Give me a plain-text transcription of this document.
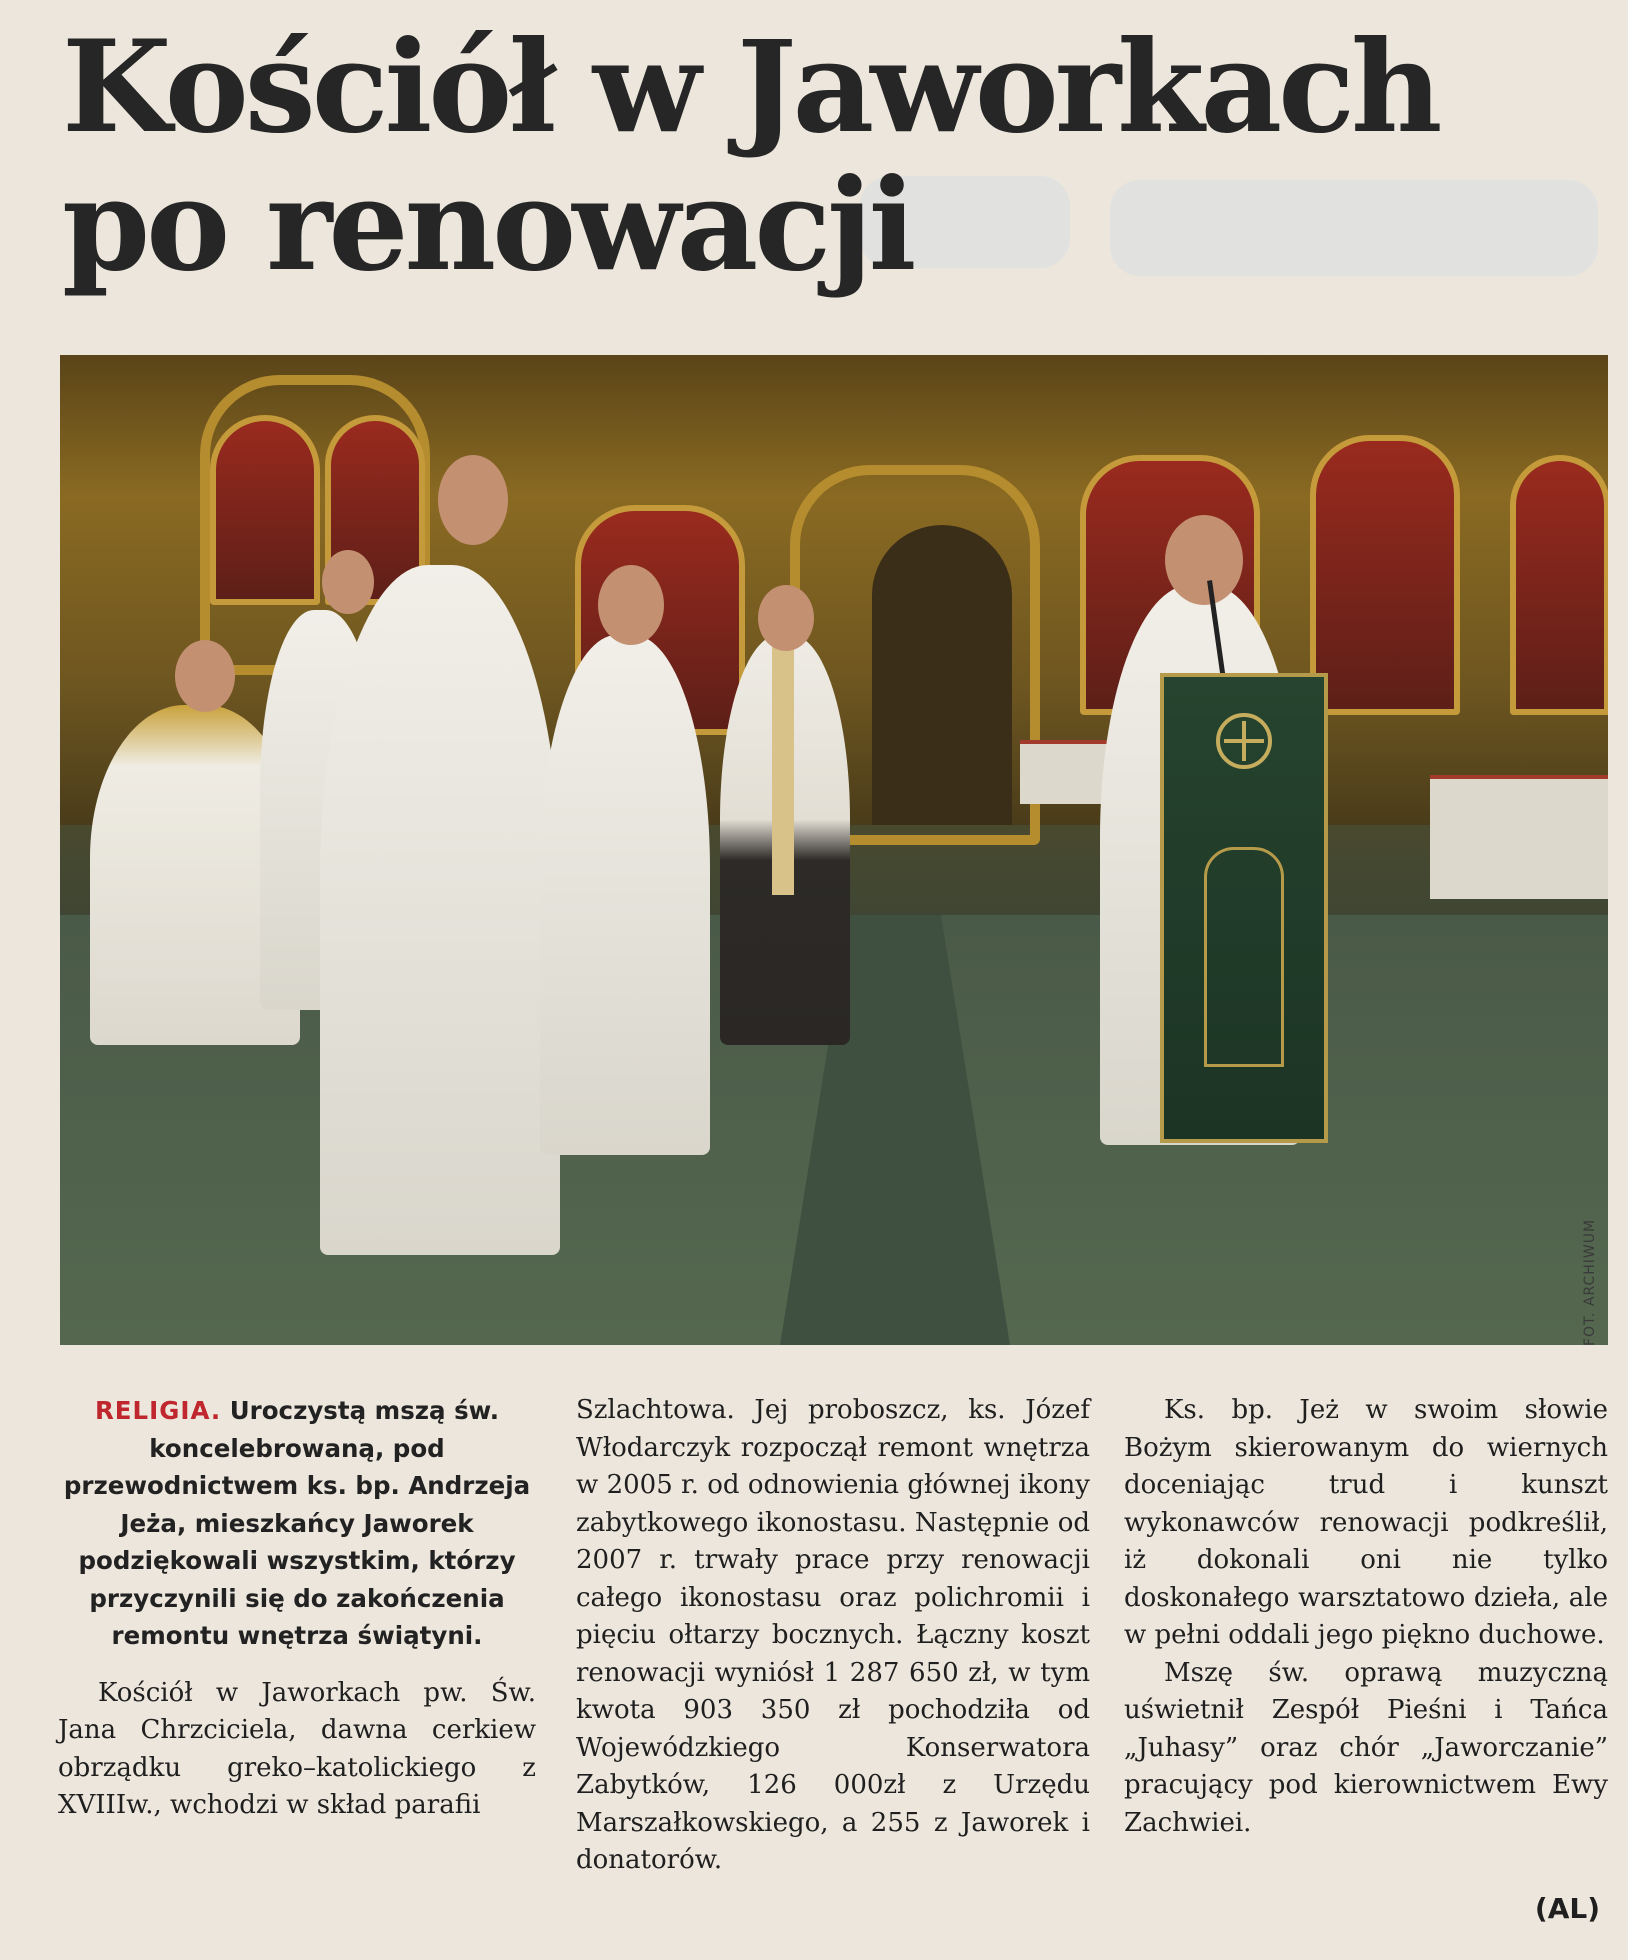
Kościół w Jaworkach
po renowacji
FOT. ARCHIWUM

RELIGIA. Uroczystą mszą św. koncelebrowaną, pod przewodnictwem ks. bp. Andrzeja Jeża, mieszkańcy Jaworek podziękowali wszystkim, którzy przyczynili się do zakończenia remontu wnętrza świątyni.

Kościół w Jaworkach pw. Św. Jana Chrzciciela, dawna cerkiew obrządku greko–katolickiego z XVIIIw., wchodzi w skład parafii

Szlachtowa. Jej proboszcz, ks. Józef Włodarczyk rozpoczął remont wnętrza w 2005 r. od odnowienia głównej ikony zabytkowego ikonostasu. Następnie od 2007 r. trwały prace przy renowacji całego ikonostasu oraz polichromii i pięciu ołtarzy bocznych. Łączny koszt renowacji wyniósł 1 287 650 zł, w tym kwota 903 350 zł pochodziła od Wojewódzkiego Konserwatora Zabytków, 126 000zł z Urzędu Marszałkowskiego, a 255 z Jaworek i donatorów.

Ks. bp. Jeż w swoim słowie Bożym skierowanym do wiernych doceniając trud i kunszt wykonawców renowacji podkreślił, iż dokonali oni nie tylko doskonałego warsztatowo dzieła, ale w pełni oddali jego piękno duchowe.

Mszę św. oprawą muzyczną uświetnił Zespół Pieśni i Tańca „Juhasy” oraz chór „Jaworczanie” pracujący pod kierownictwem Ewy Zachwiei.

(AL)
